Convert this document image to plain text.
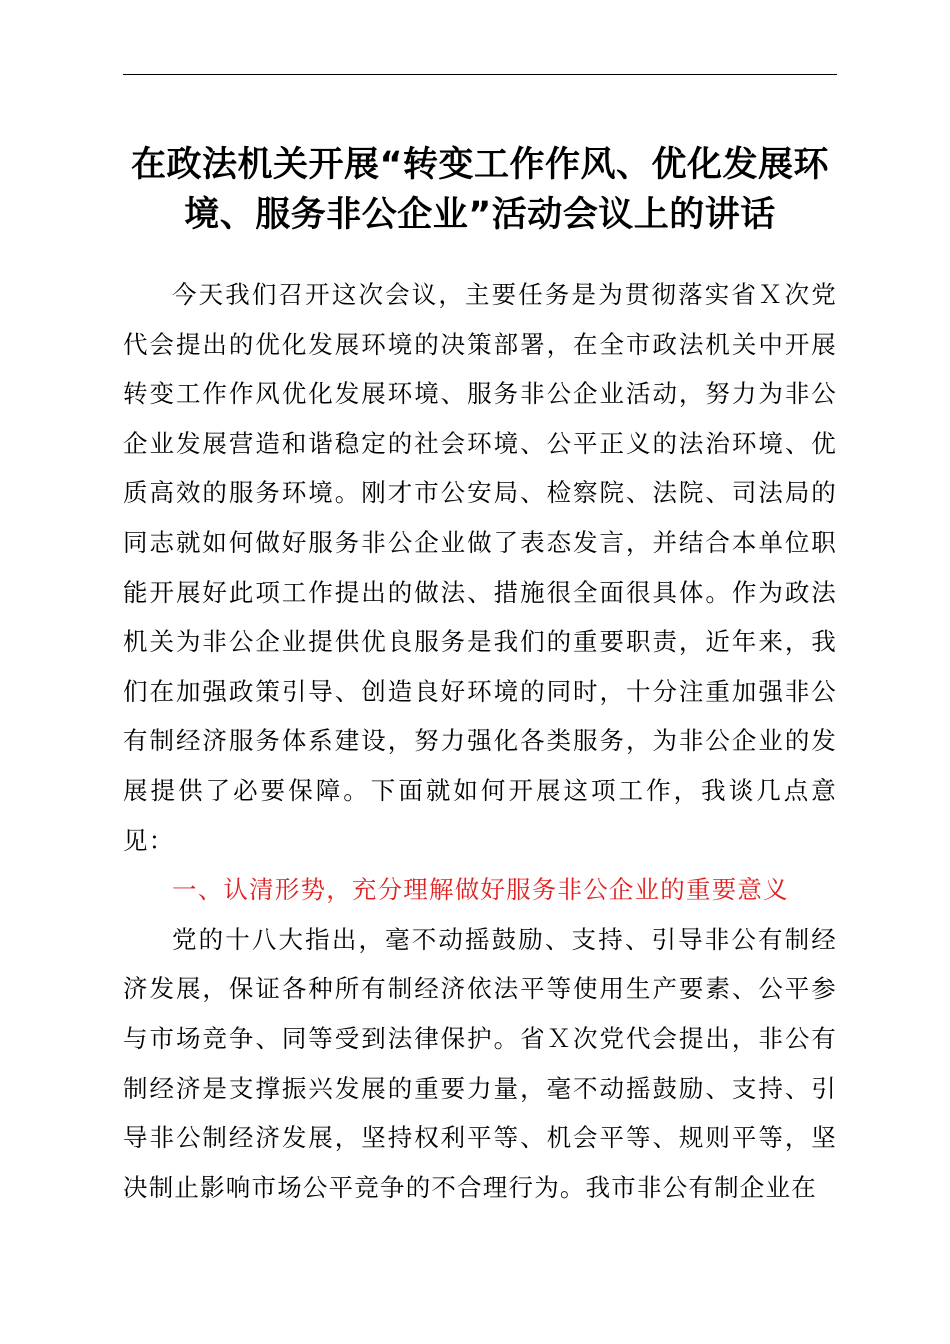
在政法机关开展“转变工作作风、优化发展环
境、服务非公企业”活动会议上的讲话

今天我们召开这次会议，主要任务是为贯彻落实省Ｘ次党代会提出的优化发展环境的决策部署，在全市政法机关中开展转变工作作风优化发展环境、服务非公企业活动，努力为非公企业发展营造和谐稳定的社会环境、公平正义的法治环境、优质高效的服务环境。刚才市公安局、检察院、法院、司法局的同志就如何做好服务非公企业做了表态发言，并结合本单位职能开展好此项工作提出的做法、措施很全面很具体。作为政法机关为非公企业提供优良服务是我们的重要职责，近年来，我们在加强政策引导、创造良好环境的同时，十分注重加强非公有制经济服务体系建设，努力强化各类服务，为非公企业的发展提供了必要保障。下面就如何开展这项工作，我谈几点意见：

一、认清形势，充分理解做好服务非公企业的重要意义

党的十八大指出，毫不动摇鼓励、支持、引导非公有制经济发展，保证各种所有制经济依法平等使用生产要素、公平参与市场竞争、同等受到法律保护。省Ｘ次党代会提出，非公有制经济是支撑振兴发展的重要力量，毫不动摇鼓励、支持、引导非公制经济发展，坚持权利平等、机会平等、规则平等，坚决制止影响市场公平竞争的不合理行为。我市非公有制企业在
